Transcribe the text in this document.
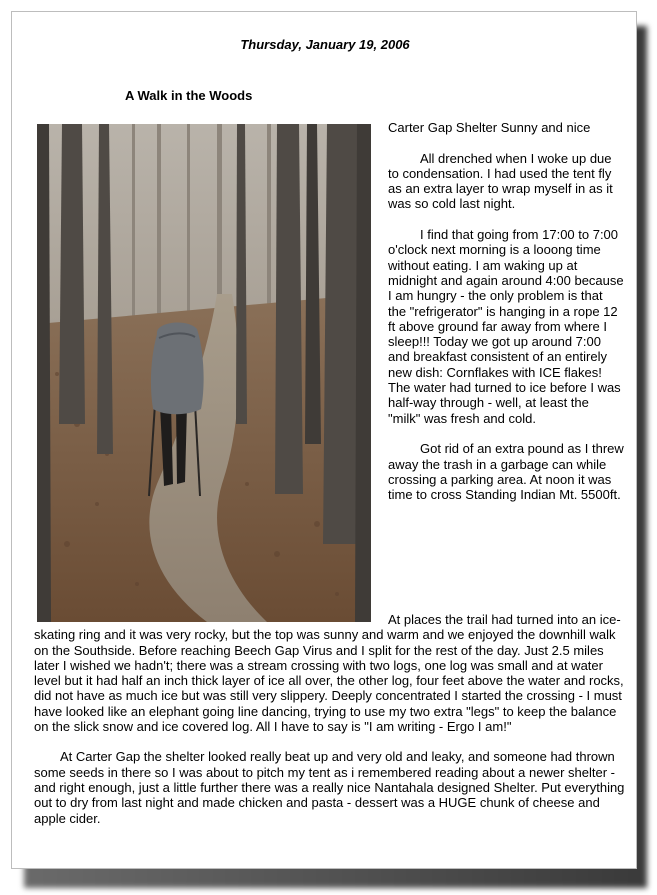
Thursday, January 19, 2006
A Walk in the Woods

Carter Gap Shelter Sunny and nice

All drenched when I woke up due to condensation. I had used the tent fly as an extra layer to wrap myself in as it was so cold last night.

I find that going from 17:00 to 7:00 o'clock next morning is a looong time without eating. I am waking up at midnight and again around 4:00 because I am hungry - the only problem is that the "refrigerator" is hanging in a rope 12 ft above ground far away from where I sleep!!! Today we got up around 7:00 and breakfast consistent of an entirely new dish: Cornflakes with ICE flakes! The water had turned to ice before I was half-way through - well, at least the "milk" was fresh and cold.

Got rid of an extra pound as I threw away the trash in a garbage can while crossing a parking area. At noon it was time to cross Standing Indian Mt. 5500ft.

At places the trail had turned into an ice-skating ring and it was very rocky, but the top was sunny and warm and we enjoyed the downhill walk on the Southside. Before reaching Beech Gap Virus and I split for the rest of the day. Just 2.5 miles later I wished we hadn't; there was a stream crossing with two logs, one log was small and at water level but it had half an inch thick layer of ice all over, the other log, four feet above the water and rocks, did not have as much ice but was still very slippery. Deeply concentrated I started the crossing - I must have looked like an elephant going line dancing, trying to use my two extra "legs" to keep the balance on the slick snow and ice covered log. All I have to say is "I am writing - Ergo I am!"

At Carter Gap the shelter looked really beat up and very old and leaky, and someone had thrown some seeds in there so I was about to pitch my tent as i remembered reading about a newer shelter - and right enough, just a little further there was a really nice Nantahala designed Shelter. Put everything out to dry from last night and made chicken and pasta - dessert was a HUGE chunk of cheese and apple cider.
